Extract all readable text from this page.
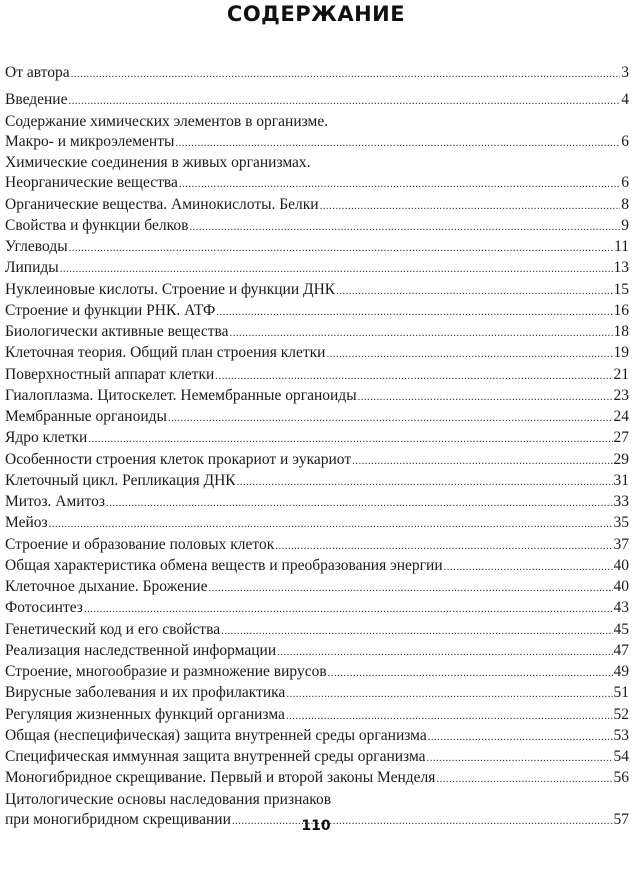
СОДЕРЖАНИЕ
От автора .....	3
Введение .....	4
Содержание химических элементов в организме.
Макро- и микроэлементы .....	6
Химические соединения в живых организмах.
Неорганические вещества .....	6
Органические вещества. Аминокислоты. Белки .....	8
Свойства и функции белков .....	9
Углеводы .....	11
Липиды .....	13
Нуклеиновые кислоты. Строение и функции ДНК .....	15
Строение и функции РНК. АТФ .....	16
Биологически активные вещества .....	18
Клеточная теория. Общий план строения клетки .....	19
Поверхностный аппарат клетки .....	21
Гиалоплазма. Цитоскелет. Немембранные органоиды .....	23
Мембранные органоиды .....	24
Ядро клетки .....	27
Особенности строения клеток прокариот и эукариот .....	29
Клеточный цикл. Репликация ДНК .....	31
Митоз. Амитоз .....	33
Мейоз .....	35
Строение и образование половых клеток .....	37
Общая характеристика обмена веществ и преобразования энергии .....	40
Клеточное дыхание. Брожение .....	40
Фотосинтез .....	43
Генетический код и его свойства .....	45
Реализация наследственной информации .....	47
Строение, многообразие и размножение вирусов .....	49
Вирусные заболевания и их профилактика .....	51
Регуляция жизненных функций организма .....	52
Общая (неспецифическая) защита внутренней среды организма .....	53
Специфическая иммунная защита внутренней среды организма .....	54
Моногибридное скрещивание. Первый и второй законы Менделя .....	56
Цитологические основы наследования признаков
при моногибридном скрещивании .....	57
110
